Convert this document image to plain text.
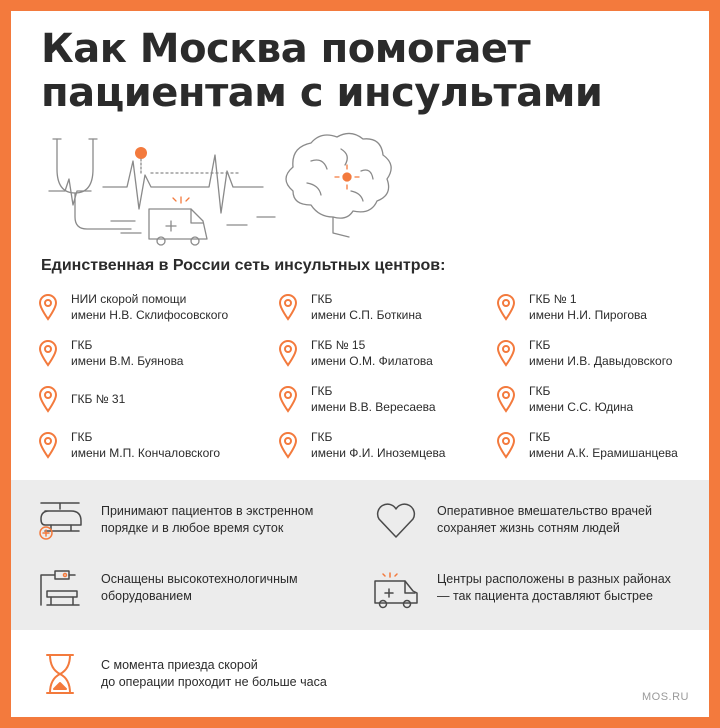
Как Москва помогает
пациентам с инсультами
Единственная в России сеть инсультных центров:
НИИ скорой помощи
имени Н.В. Склифосовского
ГКБ
имени В.М. Буянова
ГКБ № 31
ГКБ
имени М.П. Кончаловского
ГКБ
имени С.П. Боткина
ГКБ № 15
имени О.М. Филатова
ГКБ
имени В.В. Вересаева
ГКБ
имени Ф.И. Иноземцева
ГКБ № 1
имени Н.И. Пирогова
ГКБ
имени И.В. Давыдовского
ГКБ
имени С.С. Юдина
ГКБ
имени А.К. Ерамишанцева
Принимают пациентов в экстренном
порядке и в любое время суток
Оперативное вмешательство врачей
сохраняет жизнь сотням людей
Оснащены высокотехнологичным
оборудованием
Центры расположены в разных районах
— так пациента доставляют быстрее
С момента приезда скорой
до операции проходит не больше часа
MOS.RU
